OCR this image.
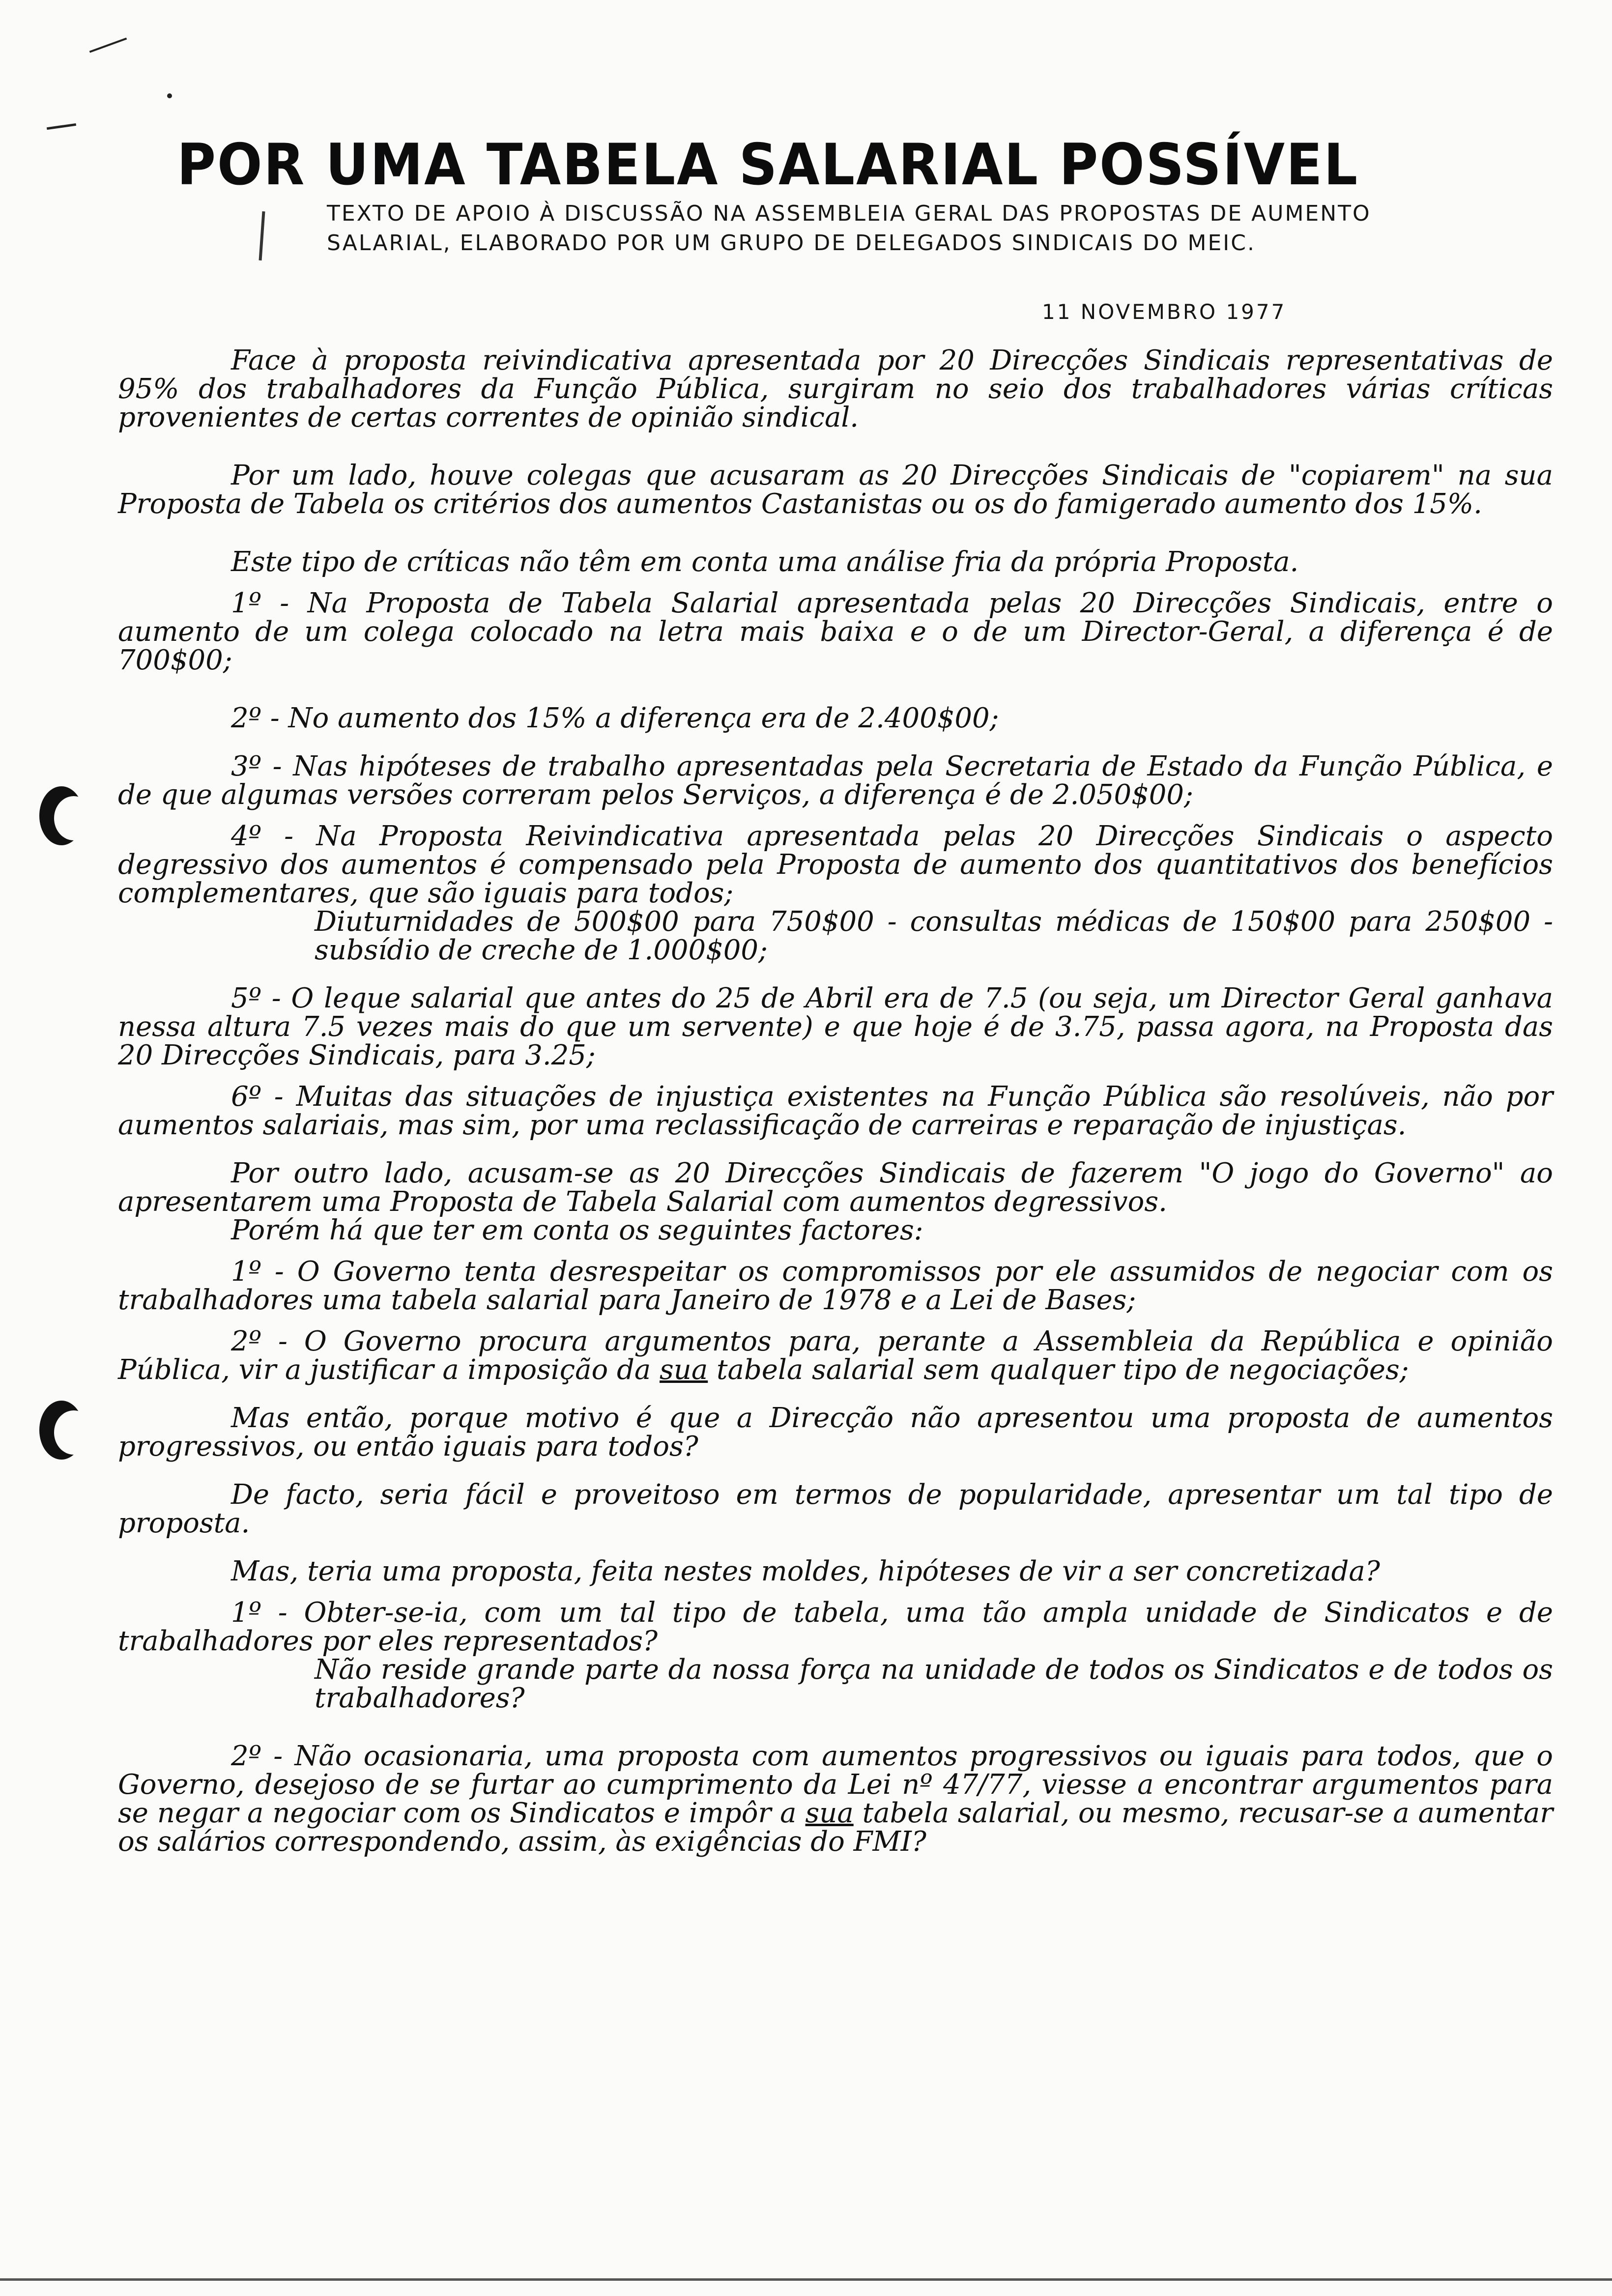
POR UMA TABELA SALARIAL POSSÍVEL
TEXTO DE APOIO À DISCUSSÃO NA ASSEMBLEIA GERAL DAS PROPOSTAS DE AUMENTO SALARIAL, ELABORADO POR UM GRUPO DE DELEGADOS SINDICAIS DO MEIC.
11 NOVEMBRO 1977

Face à proposta reivindicativa apresentada por 20 Direcções Sindicais representativas de 95% dos trabalhadores da Função Pública, surgiram no seio dos trabalhadores várias críticas provenientes de certas correntes de opinião sindical.

Por um lado, houve colegas que acusaram as 20 Direcções Sindicais de "copiarem" na sua Proposta de Tabela os critérios dos aumentos Castanistas ou os do famigerado aumento dos 15%.

Este tipo de críticas não têm em conta uma análise fria da própria Proposta.

1º - Na Proposta de Tabela Salarial apresentada pelas 20 Direcções Sindicais, entre o aumento de um colega colocado na letra mais baixa e o de um Director-Geral, a diferença é de 700$00;

2º - No aumento dos 15% a diferença era de 2.400$00;

3º - Nas hipóteses de trabalho apresentadas pela Secretaria de Estado da Função Pública, e de que algumas versões correram pelos Serviços, a diferença é de 2.050$00;

4º - Na Proposta Reivindicativa apresentada pelas 20 Direcções Sindicais o aspecto degressivo dos aumentos é compensado pela Proposta de aumento dos quantitativos dos benefícios complementares, que são iguais para todos;

Diuturnidades de 500$00 para 750$00 - consultas médicas de 150$00 para 250$00 - subsídio de creche de 1.000$00;

5º - O leque salarial que antes do 25 de Abril era de 7.5 (ou seja, um Director Geral ganhava nessa altura 7.5 vezes mais do que um servente) e que hoje é de 3.75, passa agora, na Proposta das 20 Direcções Sindicais, para 3.25;

6º - Muitas das situações de injustiça existentes na Função Pública são resolúveis, não por aumentos salariais, mas sim, por uma reclassificação de carreiras e reparação de injustiças.

Por outro lado, acusam-se as 20 Direcções Sindicais de fazerem "O jogo do Governo" ao apresentarem uma Proposta de Tabela Salarial com aumentos degressivos.

Porém há que ter em conta os seguintes factores:

1º - O Governo tenta desrespeitar os compromissos por ele assumidos de negociar com os trabalhadores uma tabela salarial para Janeiro de 1978 e a Lei de Bases;

2º - O Governo procura argumentos para, perante a Assembleia da República e opinião Pública, vir a justificar a imposição da sua tabela salarial sem qualquer tipo de negociações;

Mas então, porque motivo é que a Direcção não apresentou uma proposta de aumentos progressivos, ou então iguais para todos?

De facto, seria fácil e proveitoso em termos de popularidade, apresentar um tal tipo de proposta.

Mas, teria uma proposta, feita nestes moldes, hipóteses de vir a ser concretizada?

1º - Obter-se-ia, com um tal tipo de tabela, uma tão ampla unidade de Sindicatos e de trabalhadores por eles representados?

Não reside grande parte da nossa força na unidade de todos os Sindicatos e de todos os trabalhadores?

2º - Não ocasionaria, uma proposta com aumentos progressivos ou iguais para todos, que o Governo, desejoso de se furtar ao cumprimento da Lei nº 47/77, viesse a encontrar argumentos para se negar a negociar com os Sindicatos e impôr a sua tabela salarial, ou mesmo, recusar-se a aumentar os salários correspondendo, assim, às exigências do FMI?
